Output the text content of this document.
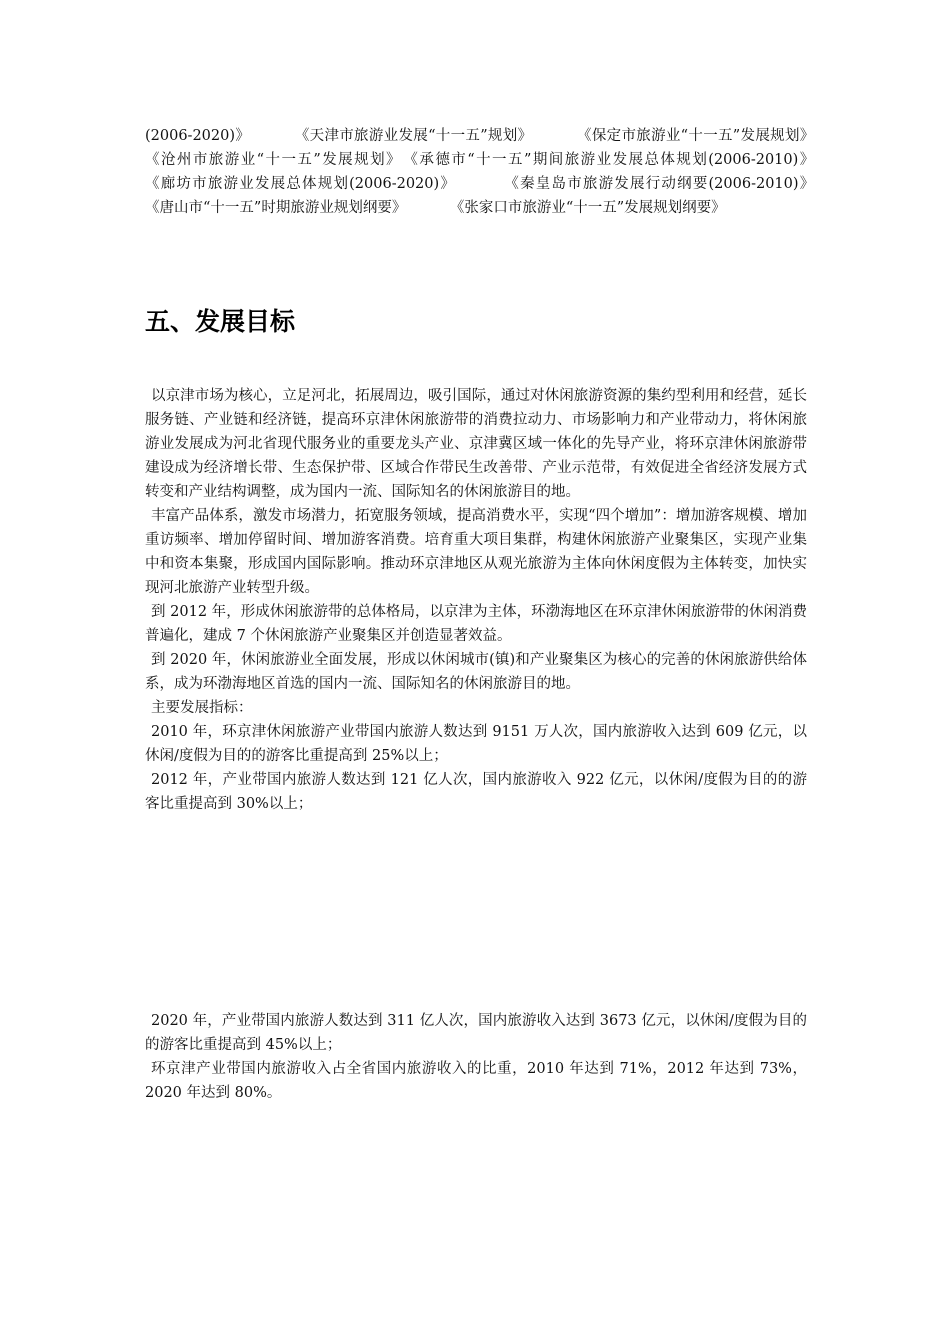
(2006-2020)》　　　　《天津市旅游业发展“十一五”规划》　　　　《保定市旅游业“十一五”发展规划》　　　　《沧州市旅游业“十一五”发展规划》　《承德市“十一五”期间旅游业发展总体规划(2006-2010)》　　　　《廊坊市旅游业发展总体规划(2006-2020)》　　　　《秦皇岛市旅游发展行动纲要(2006-2010)》　　　　《唐山市“十一五”时期旅游业规划纲要》　　　　《张家口市旅游业“十一五”发展规划纲要》

五、发展目标

以京津市场为核心，立足河北，拓展周边，吸引国际，通过对休闲旅游资源的集约型利用和经营，延长服务链、产业链和经济链，提高环京津休闲旅游带的消费拉动力、市场影响力和产业带动力，将休闲旅游业发展成为河北省现代服务业的重要龙头产业、京津冀区域一体化的先导产业，将环京津休闲旅游带建设成为经济增长带、生态保护带、区域合作带民生改善带、产业示范带，有效促进全省经济发展方式转变和产业结构调整，成为国内一流、国际知名的休闲旅游目的地。

丰富产品体系，激发市场潜力，拓宽服务领域，提高消费水平，实现“四个增加”：增加游客规模、增加重访频率、增加停留时间、增加游客消费。培育重大项目集群，构建休闲旅游产业聚集区，实现产业集中和资本集聚，形成国内国际影响。推动环京津地区从观光旅游为主体向休闲度假为主体转变，加快实现河北旅游产业转型升级。

到 2012 年，形成休闲旅游带的总体格局，以京津为主体，环渤海地区在环京津休闲旅游带的休闲消费普遍化，建成 7 个休闲旅游产业聚集区并创造显著效益。

到 2020 年，休闲旅游业全面发展，形成以休闲城市(镇)和产业聚集区为核心的完善的休闲旅游供给体系，成为环渤海地区首选的国内一流、国际知名的休闲旅游目的地。

主要发展指标：

2010 年，环京津休闲旅游产业带国内旅游人数达到 9151 万人次，国内旅游收入达到 609 亿元，以休闲/度假为目的的游客比重提高到 25%以上；

2012 年，产业带国内旅游人数达到 121 亿人次，国内旅游收入 922 亿元，以休闲/度假为目的的游客比重提高到 30%以上；

2020 年，产业带国内旅游人数达到 311 亿人次，国内旅游收入达到 3673 亿元，以休闲/度假为目的的游客比重提高到 45%以上；

环京津产业带国内旅游收入占全省国内旅游收入的比重，2010 年达到 71%，2012 年达到 73%，2020 年达到 80%。
